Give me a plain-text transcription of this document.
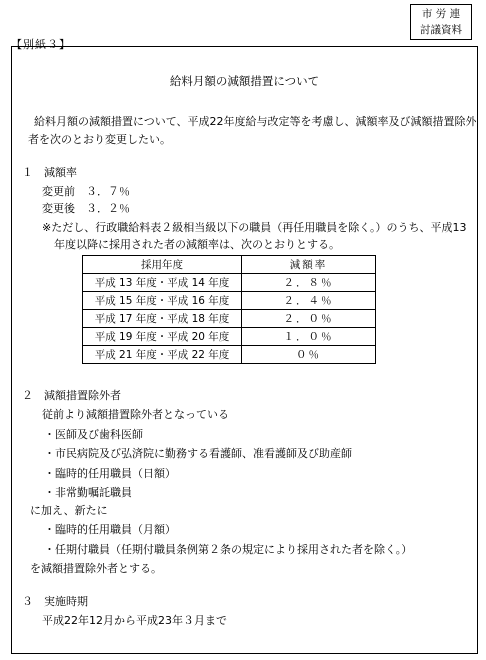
【別紙３】
市 労 連
討議資料
給料月額の減額措置について
給料月額の減額措置について、平成22年度給与改定等を考慮し、減額率及び減額措置除外
者を次のとおり変更したい。
１　減額率
変更前　３．７％
変更後　３．２％
※ただし、行政職給料表２級相当級以下の職員（再任用職員を除く。）のうち、平成13
年度以降に採用された者の減額率は、次のとおりとする。
採用年度	減額率
平成 13 年度・平成 14 年度	２．８％
平成 15 年度・平成 16 年度	２．４％
平成 17 年度・平成 18 年度	２．０％
平成 19 年度・平成 20 年度	１．０％
平成 21 年度・平成 22 年度	０％
２　減額措置除外者
従前より減額措置除外者となっている
・医師及び歯科医師
・市民病院及び弘済院に勤務する看護師、准看護師及び助産師
・臨時的任用職員（日額）
・非常勤嘱託職員
に加え、新たに
・臨時的任用職員（月額）
・任期付職員（任期付職員条例第２条の規定により採用された者を除く。）
を減額措置除外者とする。
３　実施時期
平成22年12月から平成23年３月まで
